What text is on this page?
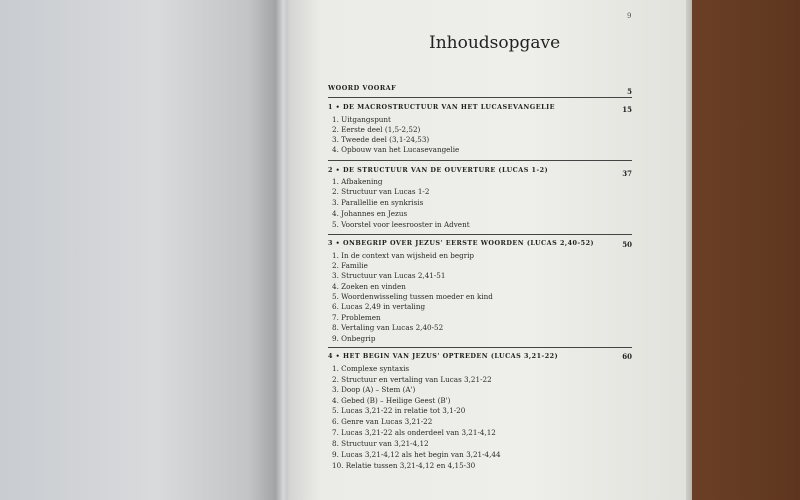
9
Inhoudsopgave
WOORD VOORAF	5
1 • DE MACROSTRUCTUUR VAN HET LUCASEVANGELIE	15
1. Uitgangspunt
2. Eerste deel (1,5-2,52)
3. Tweede deel (3,1-24,53)
4. Opbouw van het Lucasevangelie
2 • DE STRUCTUUR VAN DE OUVERTURE (LUCAS 1-2)	37
1. Afbakening
2. Structuur van Lucas 1-2
3. Parallellie en synkrisis
4. Johannes en Jezus
5. Voorstel voor leesrooster in Advent
3 • ONBEGRIP OVER JEZUS' EERSTE WOORDEN (LUCAS 2,40-52)	50
1. In de context van wijsheid en begrip
2. Familie
3. Structuur van Lucas 2,41-51
4. Zoeken en vinden
5. Woordenwisseling tussen moeder en kind
6. Lucas 2,49 in vertaling
7. Problemen
8. Vertaling van Lucas 2,40-52
9. Onbegrip
4 • HET BEGIN VAN JEZUS' OPTREDEN (LUCAS 3,21-22)	60
1. Complexe syntaxis
2. Structuur en vertaling van Lucas 3,21-22
3. Doop (A) – Stem (A')
4. Gebed (B) – Heilige Geest (B')
5. Lucas 3,21-22 in relatie tot 3,1-20
6. Genre van Lucas 3,21-22
7. Lucas 3,21-22 als onderdeel van 3,21-4,12
8. Structuur van 3,21-4,12
9. Lucas 3,21-4,12 als het begin van 3,21-4,44
10. Relatie tussen 3,21-4,12 en 4,15-30
